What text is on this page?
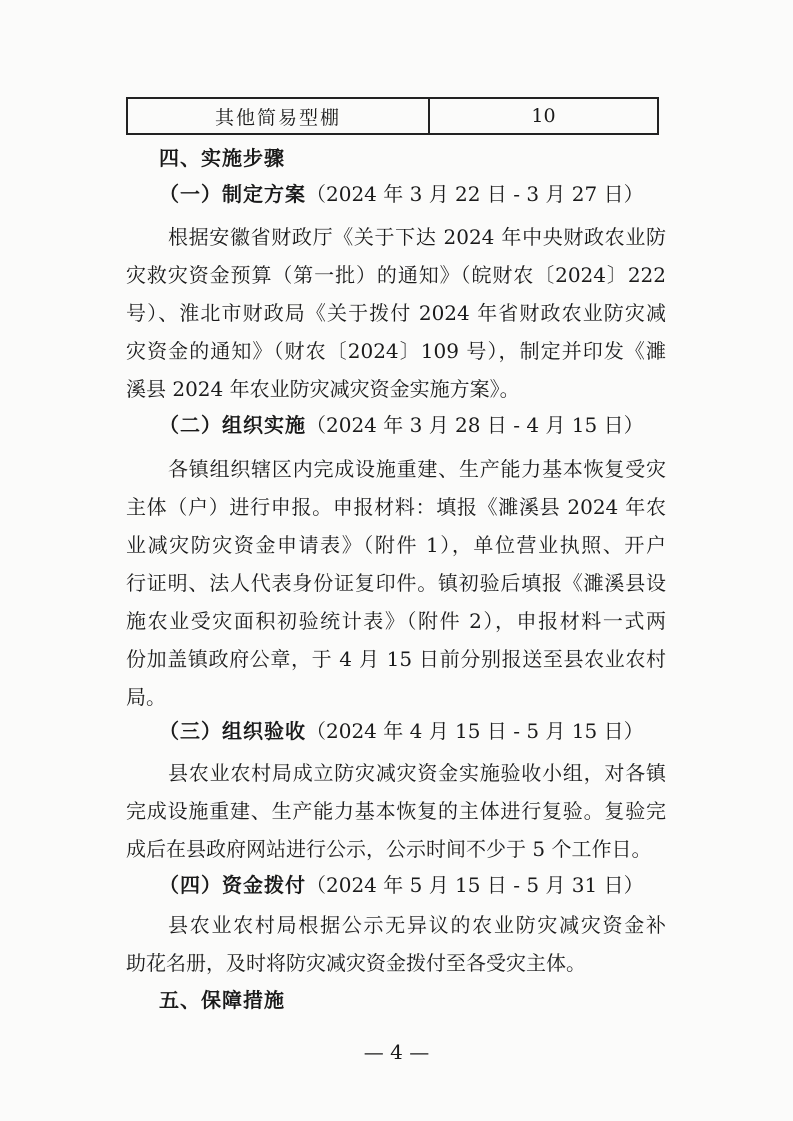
其他简易型棚	10
四、实施步骤
（一）制定方案（2024 年 3 月 22 日 - 3 月 27 日）
根据安徽省财政厅《关于下达 2024 年中央财政农业防
灾救灾资金预算（第一批）的通知》（皖财农〔2024〕222
号）、淮北市财政局《关于拨付 2024 年省财政农业防灾减
灾资金的通知》（财农〔2024〕109 号），制定并印发《濉
溪县 2024 年农业防灾减灾资金实施方案》。
（二）组织实施（2024 年 3 月 28 日 - 4 月 15 日）
各镇组织辖区内完成设施重建、生产能力基本恢复受灾
主体（户）进行申报。申报材料：填报《濉溪县 2024 年农
业减灾防灾资金申请表》（附件 1），单位营业执照、开户
行证明、法人代表身份证复印件。镇初验后填报《濉溪县设
施农业受灾面积初验统计表》（附件 2），申报材料一式两
份加盖镇政府公章，于 4 月 15 日前分别报送至县农业农村
局。
（三）组织验收（2024 年 4 月 15 日 - 5 月 15 日）
县农业农村局成立防灾减灾资金实施验收小组，对各镇
完成设施重建、生产能力基本恢复的主体进行复验。复验完
成后在县政府网站进行公示，公示时间不少于 5 个工作日。
（四）资金拨付（2024 年 5 月 15 日 - 5 月 31 日）
县农业农村局根据公示无异议的农业防灾减灾资金补
助花名册，及时将防灾减灾资金拨付至各受灾主体。
五、保障措施
— 4 —
